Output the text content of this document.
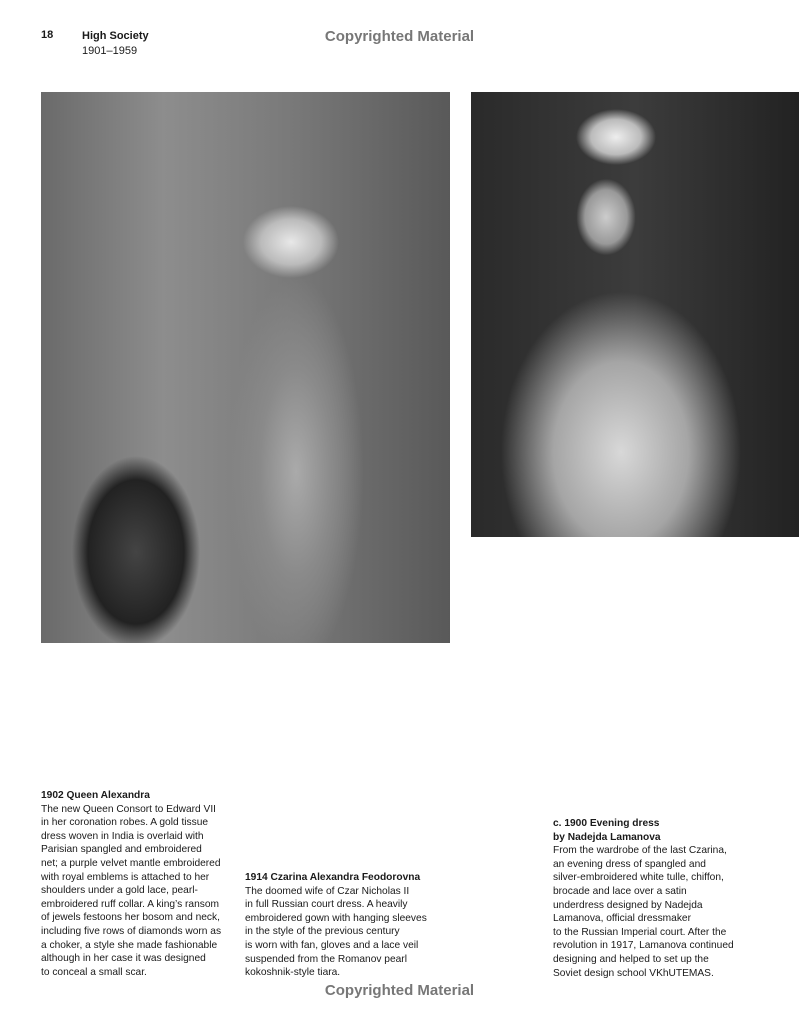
18	High Society
1901–1959
Copyrighted Material
1902 Queen Alexandra
The new Queen Consort to Edward VII
in her coronation robes. A gold tissue
dress woven in India is overlaid with
Parisian spangled and embroidered
net; a purple velvet mantle embroidered
with royal emblems is attached to her
shoulders under a gold lace, pearl-
embroidered ruff collar. A king’s ransom
of jewels festoons her bosom and neck,
including five rows of diamonds worn as
a choker, a style she made fashionable
although in her case it was designed
to conceal a small scar.
1914 Czarina Alexandra Feodorovna
The doomed wife of Czar Nicholas II
in full Russian court dress. A heavily
embroidered gown with hanging sleeves
in the style of the previous century
is worn with fan, gloves and a lace veil
suspended from the Romanov pearl
kokoshnik-style tiara.
c. 1900 Evening dress
by Nadejda Lamanova
From the wardrobe of the last Czarina,
an evening dress of spangled and
silver-embroidered white tulle, chiffon,
brocade and lace over a satin
underdress designed by Nadejda
Lamanova, official dressmaker
to the Russian Imperial court. After the
revolution in 1917, Lamanova continued
designing and helped to set up the
Soviet design school VKhUTEMAS.
Copyrighted Material
